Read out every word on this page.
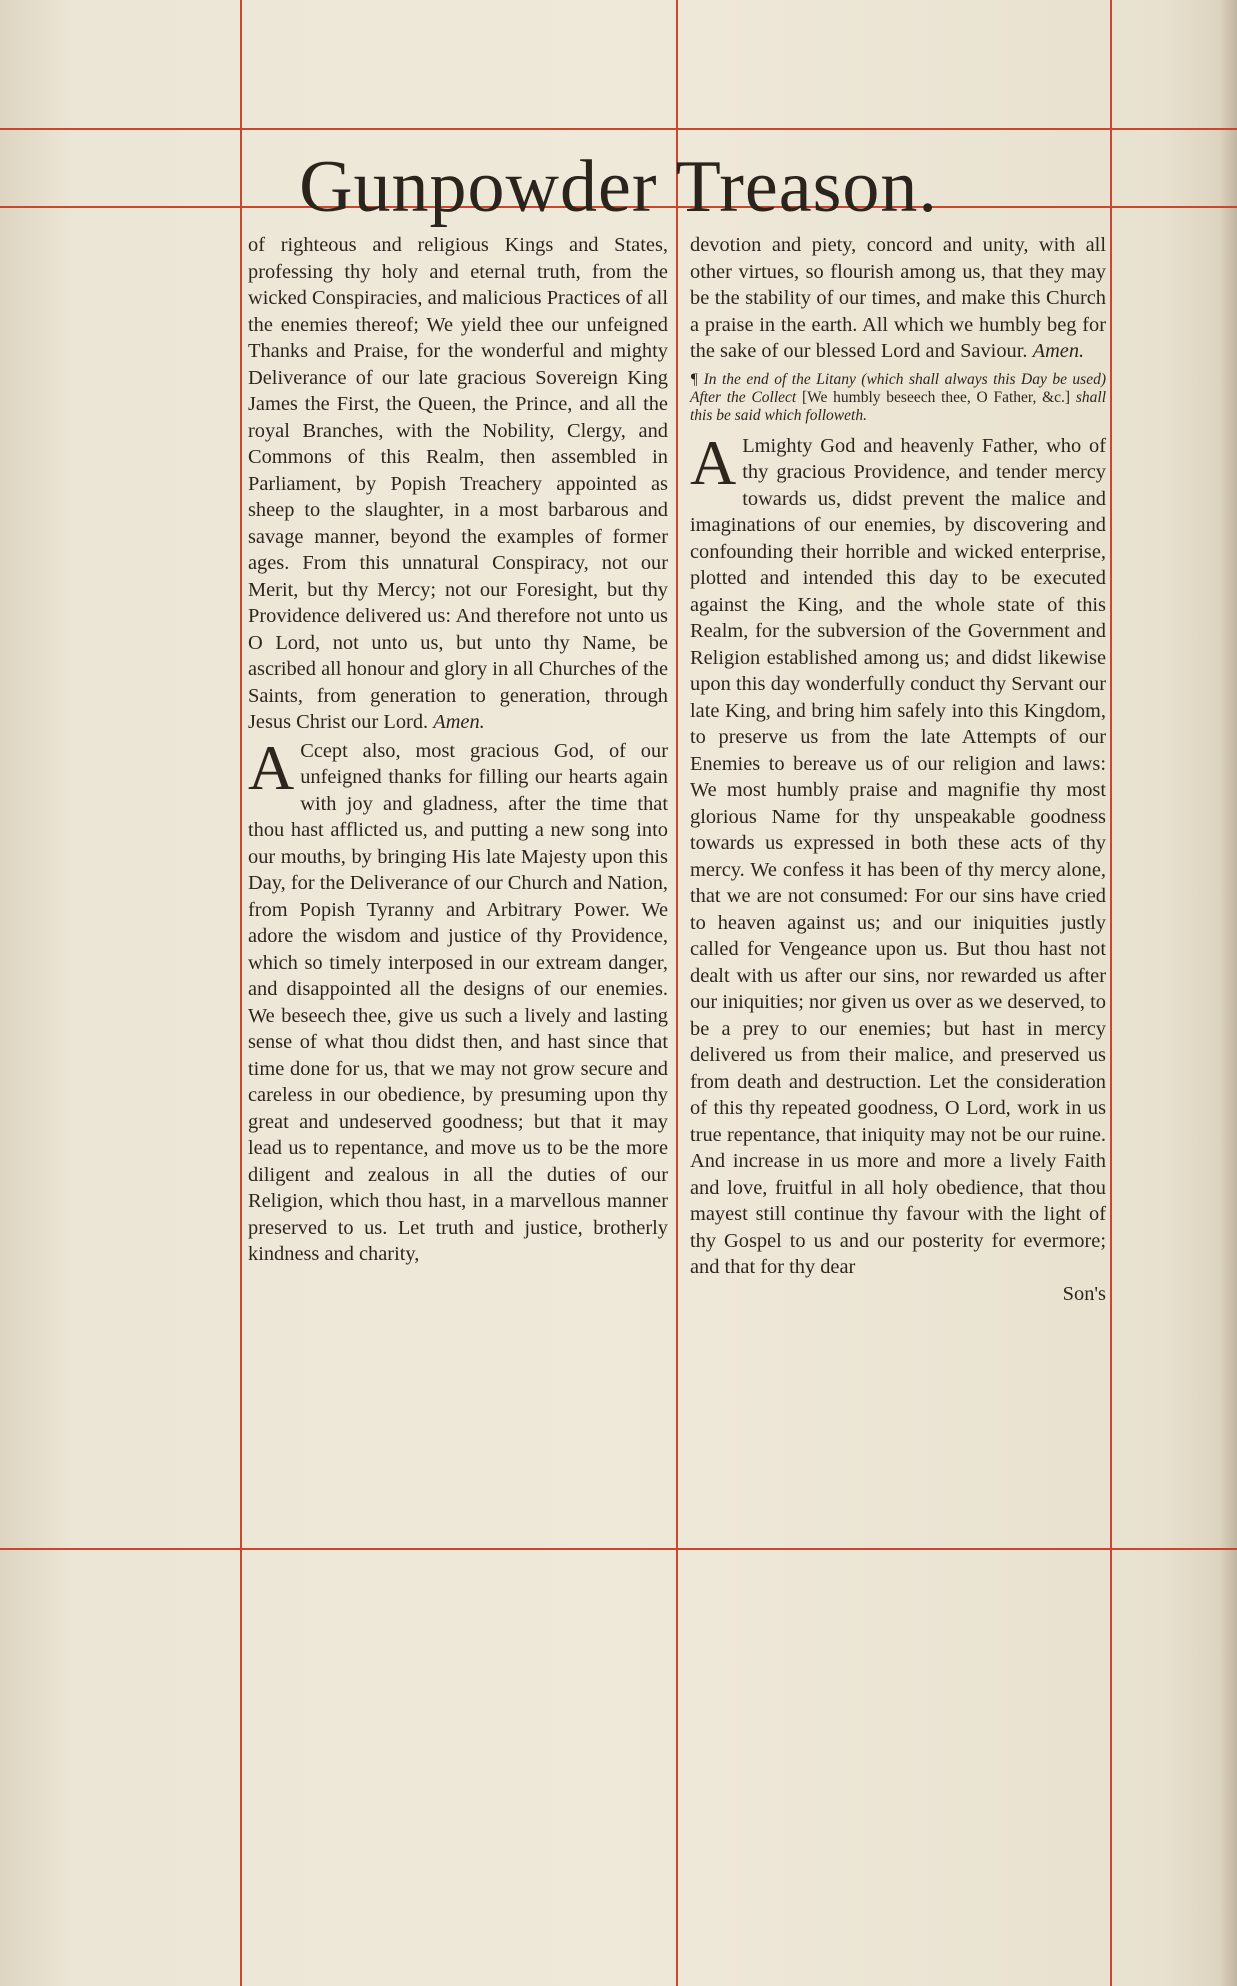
Gunpowder Treason.

of righteous and religious Kings and States, professing thy holy and eternal truth, from the wicked Conspiracies, and malicious Practices of all the enemies thereof; We yield thee our unfeigned Thanks and Praise, for the wonderful and mighty Deliverance of our late gracious Sovereign King James the First, the Queen, the Prince, and all the royal Branches, with the Nobility, Clergy, and Commons of this Realm, then assembled in Parliament, by Popish Treachery appointed as sheep to the slaughter, in a most barbarous and savage manner, beyond the examples of former ages. From this unnatural Conspiracy, not our Merit, but thy Mercy; not our Foresight, but thy Providence delivered us: And therefore not unto us O Lord, not unto us, but unto thy Name, be ascribed all honour and glory in all Churches of the Saints, from generation to generation, through Jesus Christ our Lord. Amen.

A Ccept also, most gracious God, of our unfeigned thanks for filling our hearts again with joy and gladness, after the time that thou hast afflicted us, and putting a new song into our mouths, by bringing His late Majesty upon this Day, for the Deliverance of our Church and Nation, from Popish Tyranny and Arbitrary Power. We adore the wisdom and justice of thy Providence, which so timely interposed in our extream danger, and disappointed all the designs of our enemies. We beseech thee, give us such a lively and lasting sense of what thou didst then, and hast since that time done for us, that we may not grow secure and careless in our obedience, by presuming upon thy great and undeserved goodness; but that it may lead us to repentance, and move us to be the more diligent and zealous in all the duties of our Religion, which thou hast, in a marvellous manner preserved to us. Let truth and justice, brotherly kindness and charity,

devotion and piety, concord and unity, with all other virtues, so flourish among us, that they may be the stability of our times, and make this Church a praise in the earth. All which we humbly beg for the sake of our blessed Lord and Saviour. Amen.

¶ In the end of the Litany (which shall always this Day be used) After the Collect [We humbly beseech thee, O Father, &c.] shall this be said which followeth.

A Lmighty God and heavenly Father, who of thy gracious Providence, and tender mercy towards us, didst prevent the malice and imaginations of our enemies, by discovering and confounding their horrible and wicked enterprise, plotted and intended this day to be executed against the King, and the whole state of this Realm, for the subversion of the Government and Religion established among us; and didst likewise upon this day wonderfully conduct thy Servant our late King, and bring him safely into this Kingdom, to preserve us from the late Attempts of our Enemies to bereave us of our religion and laws: We most humbly praise and magnifie thy most glorious Name for thy unspeakable goodness towards us expressed in both these acts of thy mercy. We confess it has been of thy mercy alone, that we are not consumed: For our sins have cried to heaven against us; and our iniquities justly called for Vengeance upon us. But thou hast not dealt with us after our sins, nor rewarded us after our iniquities; nor given us over as we deserved, to be a prey to our enemies; but hast in mercy delivered us from their malice, and preserved us from death and destruction. Let the consideration of this thy repeated goodness, O Lord, work in us true repentance, that iniquity may not be our ruine. And increase in us more and more a lively Faith and love, fruitful in all holy obedience, that thou mayest still continue thy favour with the light of thy Gospel to us and our posterity for evermore; and that for thy dear

Son's
